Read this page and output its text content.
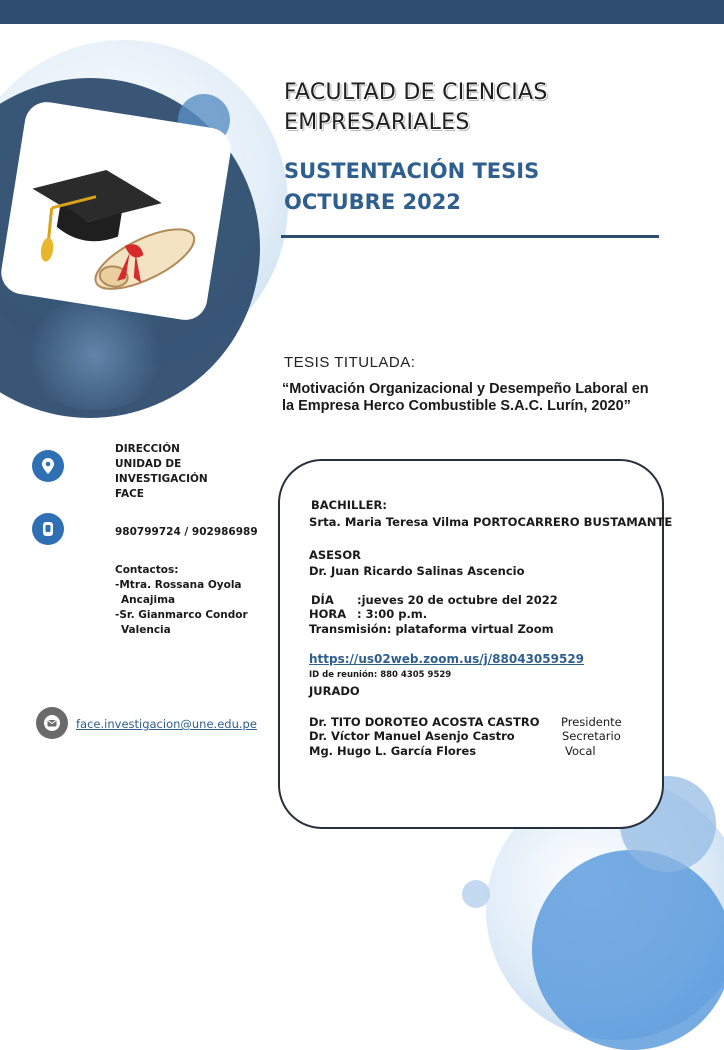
FACULTAD DE CIENCIAS
EMPRESARIALES
SUSTENTACIÓN TESIS
OCTUBRE 2022
TESIS TITULADA:
“Motivación Organizacional y Desempeño Laboral en
la Empresa Herco Combustible S.A.C. Lurín, 2020”
DIRECCIÓN
UNIDAD DE
INVESTIGACIÓN
FACE
980799724 / 902986989
Contactos:
-Mtra. Rossana Oyola
Ancajima
-Sr. Gianmarco Condor
Valencia
face.investigacion@une.edu.pe
BACHILLER:
Srta. Maria Teresa Vilma PORTOCARRERO BUSTAMANTE
ASESOR
Dr. Juan Ricardo Salinas Ascencio
DÍA :jueves 20 de octubre del 2022
HORA : 3:00 p.m.
Transmisión: plataforma virtual Zoom
https://us02web.zoom.us/j/88043059529
ID de reunión: 880 4305 9529
JURADO
Dr. TITO DOROTEO ACOSTA CASTRO Presidente
Dr. Víctor Manuel Asenjo Castro	Secretario
Mg. Hugo L. García Flores	Vocal
